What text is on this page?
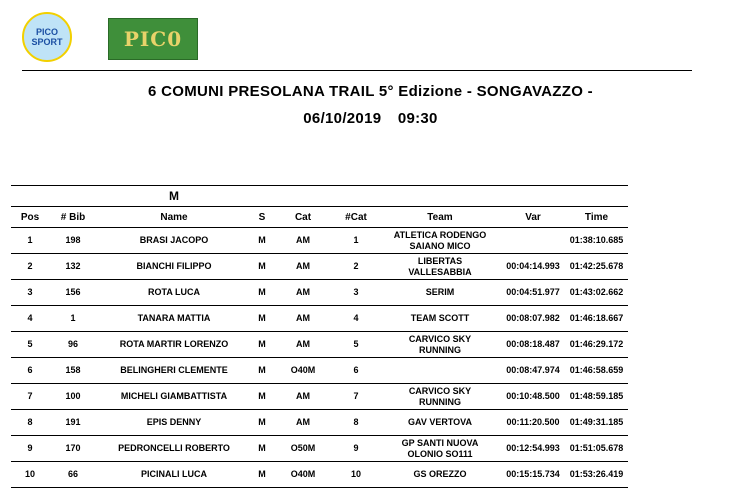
PICO
SPORT	PIC0
6 COMUNI PRESOLANA TRAIL 5° Edizione - SONGAVAZZO -
06/10/2019 09:30
		M						
Pos	# Bib	Name	S	Cat	#Cat	Team	Var	Time
1	198	BRASI JACOPO	M	AM	1	ATLETICA RODENGO
SAIANO MICO		01:38:10.685
2	132	BIANCHI FILIPPO	M	AM	2	LIBERTAS
VALLESABBIA	00:04:14.993	01:42:25.678
3	156	ROTA LUCA	M	AM	3	SERIM	00:04:51.977	01:43:02.662
4	1	TANARA MATTIA	M	AM	4	TEAM SCOTT	00:08:07.982	01:46:18.667
5	96	ROTA MARTIR LORENZO	M	AM	5	CARVICO SKY
RUNNING	00:08:18.487	01:46:29.172
6	158	BELINGHERI CLEMENTE	M	O40M	6		00:08:47.974	01:46:58.659
7	100	MICHELI GIAMBATTISTA	M	AM	7	CARVICO SKY
RUNNING	00:10:48.500	01:48:59.185
8	191	EPIS DENNY	M	AM	8	GAV VERTOVA	00:11:20.500	01:49:31.185
9	170	PEDRONCELLI ROBERTO	M	O50M	9	GP SANTI NUOVA
OLONIO SO111	00:12:54.993	01:51:05.678
10	66	PICINALI LUCA	M	O40M	10	GS OREZZO	00:15:15.734	01:53:26.419
